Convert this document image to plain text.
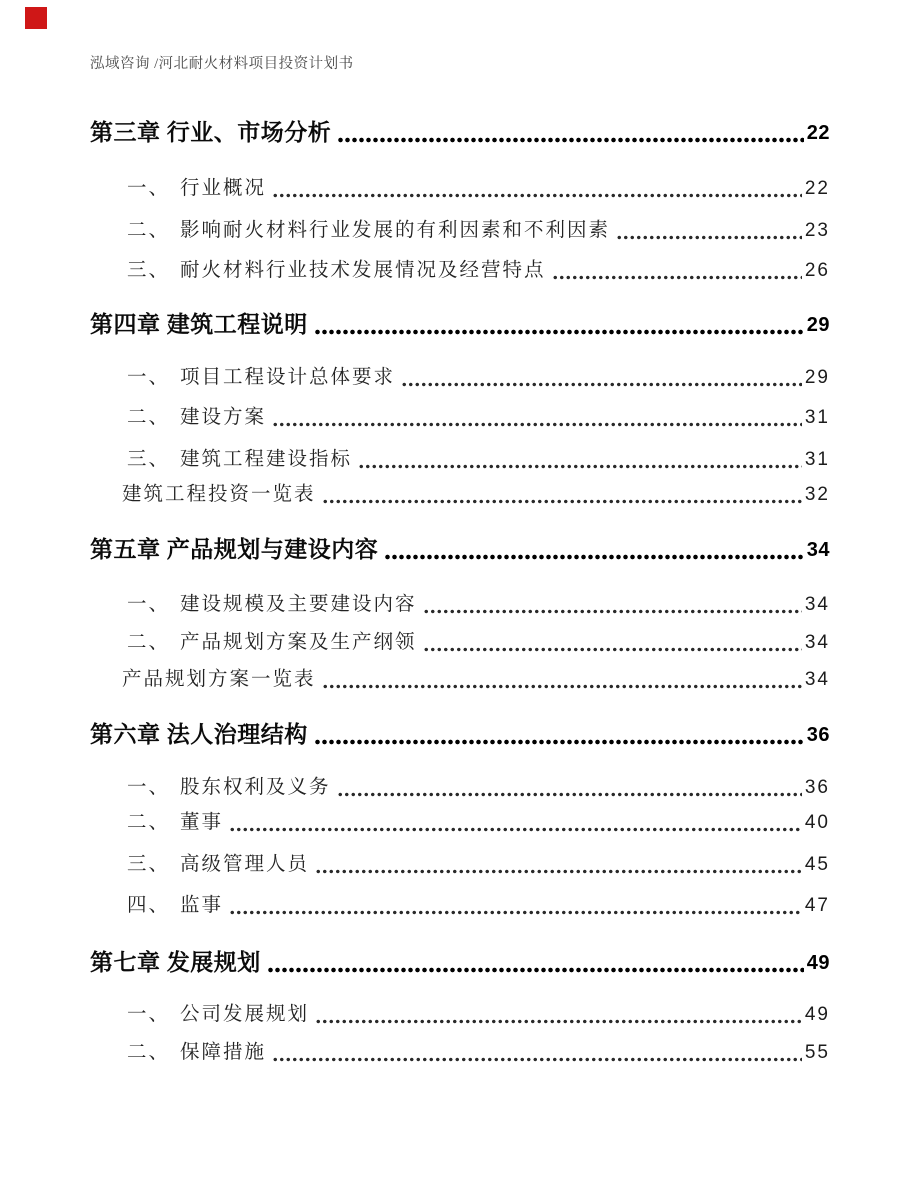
泓域咨询 /河北耐火材料项目投资计划书
第三章 行业、市场分析	22
一、 行业概况	22
二、 影响耐火材料行业发展的有利因素和不利因素	23
三、 耐火材料行业技术发展情况及经营特点	26
第四章 建筑工程说明	29
一、 项目工程设计总体要求	29
二、 建设方案	31
三、 建筑工程建设指标	31
建筑工程投资一览表	32
第五章 产品规划与建设内容	34
一、 建设规模及主要建设内容	34
二、 产品规划方案及生产纲领	34
产品规划方案一览表	34
第六章 法人治理结构	36
一、 股东权利及义务	36
二、 董事	40
三、 高级管理人员	45
四、 监事	47
第七章 发展规划	49
一、 公司发展规划	49
二、 保障措施	55
